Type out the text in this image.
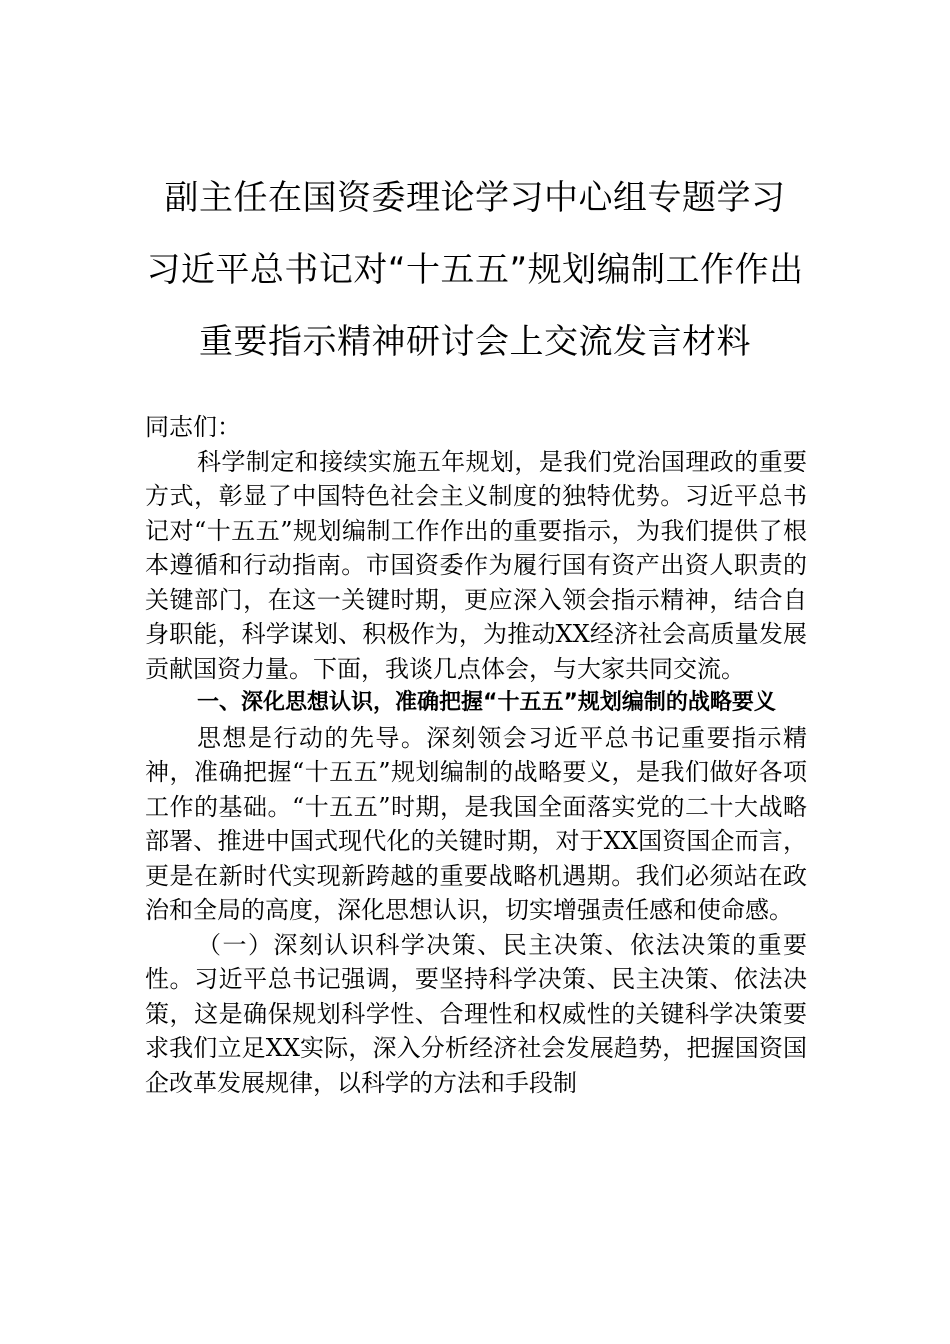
副主任在国资委理论学习中心组专题学习
习近平总书记对“十五五”规划编制工作作出
重要指示精神研讨会上交流发言材料

同志们：

科学制定和接续实施五年规划，是我们党治国理政的重要方式，彰显了中国特色社会主义制度的独特优势。习近平总书记对“十五五”规划编制工作作出的重要指示，为我们提供了根本遵循和行动指南。市国资委作为履行国有资产出资人职责的关键部门，在这一关键时期，更应深入领会指示精神，结合自身职能，科学谋划、积极作为，为推动XX经济社会高质量发展贡献国资力量。下面，我谈几点体会，与大家共同交流。

一、深化思想认识，准确把握“十五五”规划编制的战略要义

思想是行动的先导。深刻领会习近平总书记重要指示精神，准确把握“十五五”规划编制的战略要义，是我们做好各项工作的基础。“十五五”时期，是我国全面落实党的二十大战略部署、推进中国式现代化的关键时期，对于XX国资国企而言，更是在新时代实现新跨越的重要战略机遇期。我们必须站在政治和全局的高度，深化思想认识，切实增强责任感和使命感。

（一）深刻认识科学决策、民主决策、依法决策的重要性。习近平总书记强调，要坚持科学决策、民主决策、依法决策，这是确保规划科学性、合理性和权威性的关键科学决策要求我们立足XX实际，深入分析经济社会发展趋势，把握国资国企改革发展规律，以科学的方法和手段制
